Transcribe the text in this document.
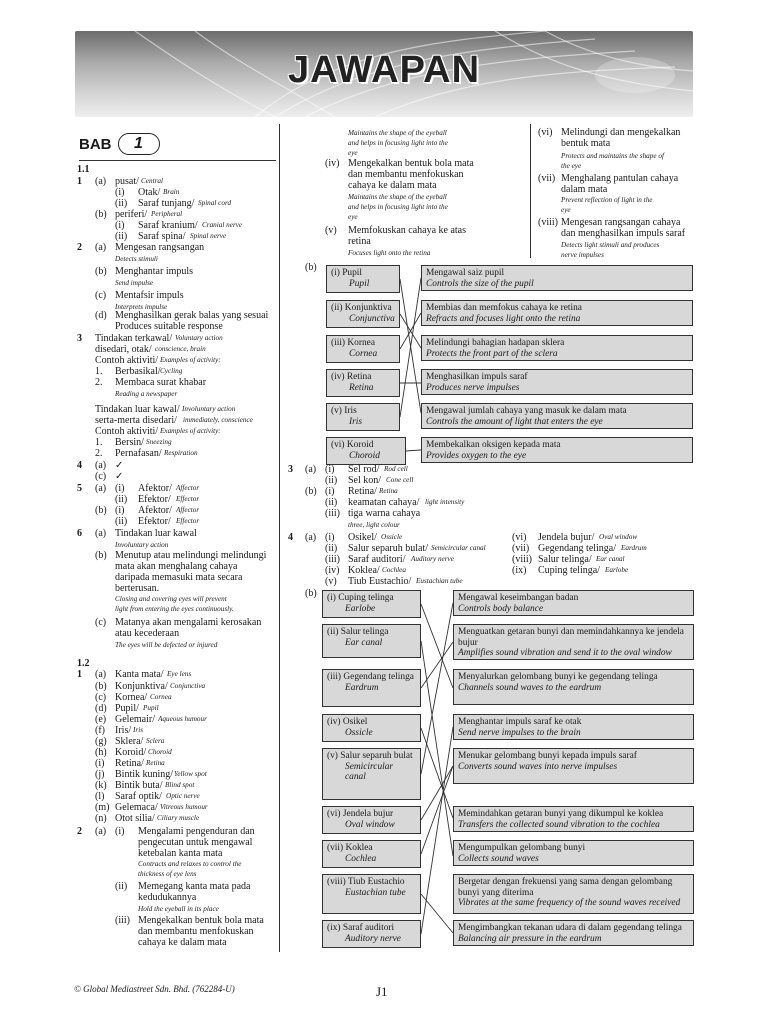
JAWAPAN
BAB	1
1.1
1 (a) pusat/ Central
(i) Otak/ Brain
(ii) Saraf tunjang/ Spinal cord
(b) periferi/ Peripheral
(i) Saraf kranium/ Cranial nerve
(ii) Saraf spina/ Spinal nerve
2 (a) Mengesan rangsangan
Detects stimuli
(b) Menghantar impuls
Send impulse
(c) Mentafsir impuls
Interprets impulse
(d) Menghasilkan gerak balas yang sesuai
Produces suitable response
3 Tindakan terkawal/ Voluntary action
disedari, otak/ conscience, brain
Contoh aktiviti/ Examples of activity:
1. Berbasikal/ Cycling
2. Membaca surat khabar
Reading a newspaper
Tindakan luar kawal/ Involuntary action
serta-merta disedari/ immediately, conscience
Contoh aktiviti/ Examples of activity:
1. Bersin/ Sneezing
2. Pernafasan/ Respiration
4 (a) ✓
(c) ✓
5 (a) (i) Afektor/ Affector
(ii) Efektor/ Effector
(b) (i) Afektor/ Affector
(ii) Efektor/ Effector
6 (a) Tindakan luar kawal
Involuntary action
(b) Menutup atau melindungi melindungi
mata akan menghalang cahaya
daripada memasuki mata secara
berterusan.
Closing and covering eyes will prevent
light from entering the eyes continuously.
(c) Matanya akan mengalami kerosakan
atau kecederaan
The eyes will be defected or injured
1.2
1 (a) Kanta mata/ Eye lens
(b) Konjunktiva/ Conjunctiva
(c) Kornea/ Cornea
(d) Pupil/ Pupil
(e) Gelemair/ Aqueous humour
(f) Iris/ Iris
(g) Sklera/ Sclera
(h) Koroid/ Choroid
(i) Retina/ Retina
(j) Bintik kuning/ Yellow spot
(k) Bintik buta/ Blind spot
(l) Saraf optik/ Optic nerve
(m) Gelemaca/ Vitreous humour
(n) Otot silia/ Ciliary muscle
2 (a) (i) Mengalami pengenduran dan
pengecutan untuk mengawal
ketebalan kanta mata
Contracts and relaxes to control the
thickness of eye lens
(ii) Memegang kanta mata pada
kedudukannya
Hold the eyeball in its place
(iii) Mengekalkan bentuk bola mata
dan membantu menfokuskan
cahaya ke dalam mata
Maintains the shape of the eyeball
and helps in focusing light into the
eye
(iv) Mengekalkan bentuk bola mata
dan membantu menfokuskan
cahaya ke dalam mata
Maintains the shape of the eyeball
and helps in focusing light into the
eye
(v) Memfokuskan cahaya ke atas
retina
Focuses light onto the retina
(vi) Melindungi dan mengekalkan
bentuk mata
Protects and maintains the shape of
the eye
(vii) Menghalang pantulan cahaya
dalam mata
Prevent reflection of light in the
eye
(viii) Mengesan rangsangan cahaya
dan menghasilkan impuls saraf
Detects light stimuli and produces
nerve impulses
(b) (i) Pupil
Pupil
(ii) Konjunktiva
Conjunctiva
(iii) Kornea
Cornea
(iv) Retina
Retina
(v) Iris
Iris
(vi) Koroid
Choroid
Mengawal saiz pupil
Controls the size of the pupil
Membias dan memfokus cahaya ke retina
Refracts and focuses light onto the retina
Melindungi bahagian hadapan sklera
Protects the front part of the sclera
Menghasilkan impuls saraf
Produces nerve impulses
Mengawal jumlah cahaya yang masuk ke dalam mata
Controls the amount of light that enters the eye
Membekalkan oksigen kepada mata
Provides oxygen to the eye
3 (a) (i) Sel rod/ Rod cell
(ii) Sel kon/ Cone cell
(b) (i) Retina/ Retina
(ii) keamatan cahaya/ light intensity
(iii) tiga warna cahaya
three, light colour
4 (a) (i) Osikel/ Ossicle
(ii) Salur separuh bulat/ Semicircular canal
(iii) Saraf auditori/ Auditory nerve
(iv) Koklea/ Cochlea
(v) Tiub Eustachio/ Eustachian tube
(vi) Jendela bujur/ Oval window
(vii) Gegendang telinga/ Eardrum
(viii) Salur telinga/ Ear canal
(ix) Cuping telinga/ Earlobe
(b) (i) Cuping telinga
Earlobe
(ii) Salur telinga
Ear canal
(iii) Gegendang telinga
Eardrum
(iv) Osikel
Ossicle
(v) Salur separuh bulat
Semicircular canal
(vi) Jendela bujur
Oval window
(vii) Koklea
Cochlea
(viii) Tiub Eustachio
Eustachian tube
(ix) Saraf auditori
Auditory nerve
Mengawal keseimbangan badan
Controls body balance
Menguatkan getaran bunyi dan memindahkannya ke jendela bujur
Amplifies sound vibration and send it to the oval window
Menyalurkan gelombang bunyi ke gegendang telinga
Channels sound waves to the eardrum
Menghantar impuls saraf ke otak
Send nerve impulses to the brain
Menukar gelombang bunyi kepada impuls saraf
Converts sound waves into nerve impulses
Memindahkan getaran bunyi yang dikumpul ke koklea
Transfers the collected sound vibration to the cochlea
Mengumpulkan gelombang bunyi
Collects sound waves
Bergetar dengan frekuensi yang sama dengan gelombang bunyi yang diterima
Vibrates at the same frequency of the sound waves received
Mengimbangkan tekanan udara di dalam gegendang telinga
Balancing air pressure in the eardrum
© Global Mediastreet Sdn. Bhd. (762284-U)	J1
